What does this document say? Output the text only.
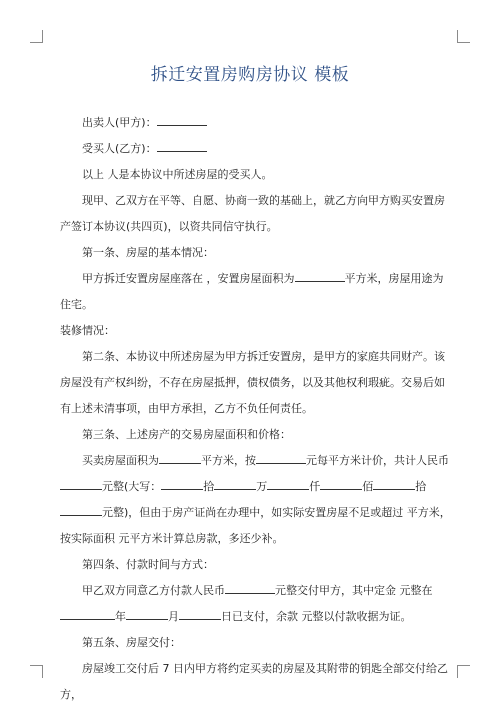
拆迁安置房购房协议 模板

出卖人(甲方)：

受买人(乙方)：

以上 人是本协议中所述房屋的受买人。

现甲、乙双方在平等、自愿、协商一致的基础上，就乙方向甲方购买安置房产签订本协议(共四页)，以资共同信守执行。

第一条、房屋的基本情况：

甲方拆迁安置房屋座落在 ，安置房屋面积为	平方米，房屋用途为住宅。

装修情况：

第二条、本协议中所述房屋为甲方拆迁安置房，是甲方的家庭共同财产。该房屋没有产权纠纷，不存在房屋抵押，债权债务，以及其他权利瑕疵。交易后如有上述未清事项，由甲方承担，乙方不负任何责任。

第三条、上述房产的交易房屋面积和价格：

买卖房屋面积为	平方米，按	元每平方米计价，共计人民币元整(大写：	拾	万	仟	佰	拾元整)，但由于房产证尚在办理中，如实际安置房屋不足或超过 平方米，按实际面积 元平方米计算总房款，多还少补。

第四条、付款时间与方式：

甲乙双方同意乙方付款人民币	元整交付甲方，其中定金 元整在年	月	日已支付，余款 元整以付款收据为证。

第五条、房屋交付：

房屋竣工交付后 7 日内甲方将约定买卖的房屋及其附带的钥匙全部交付给乙方，
